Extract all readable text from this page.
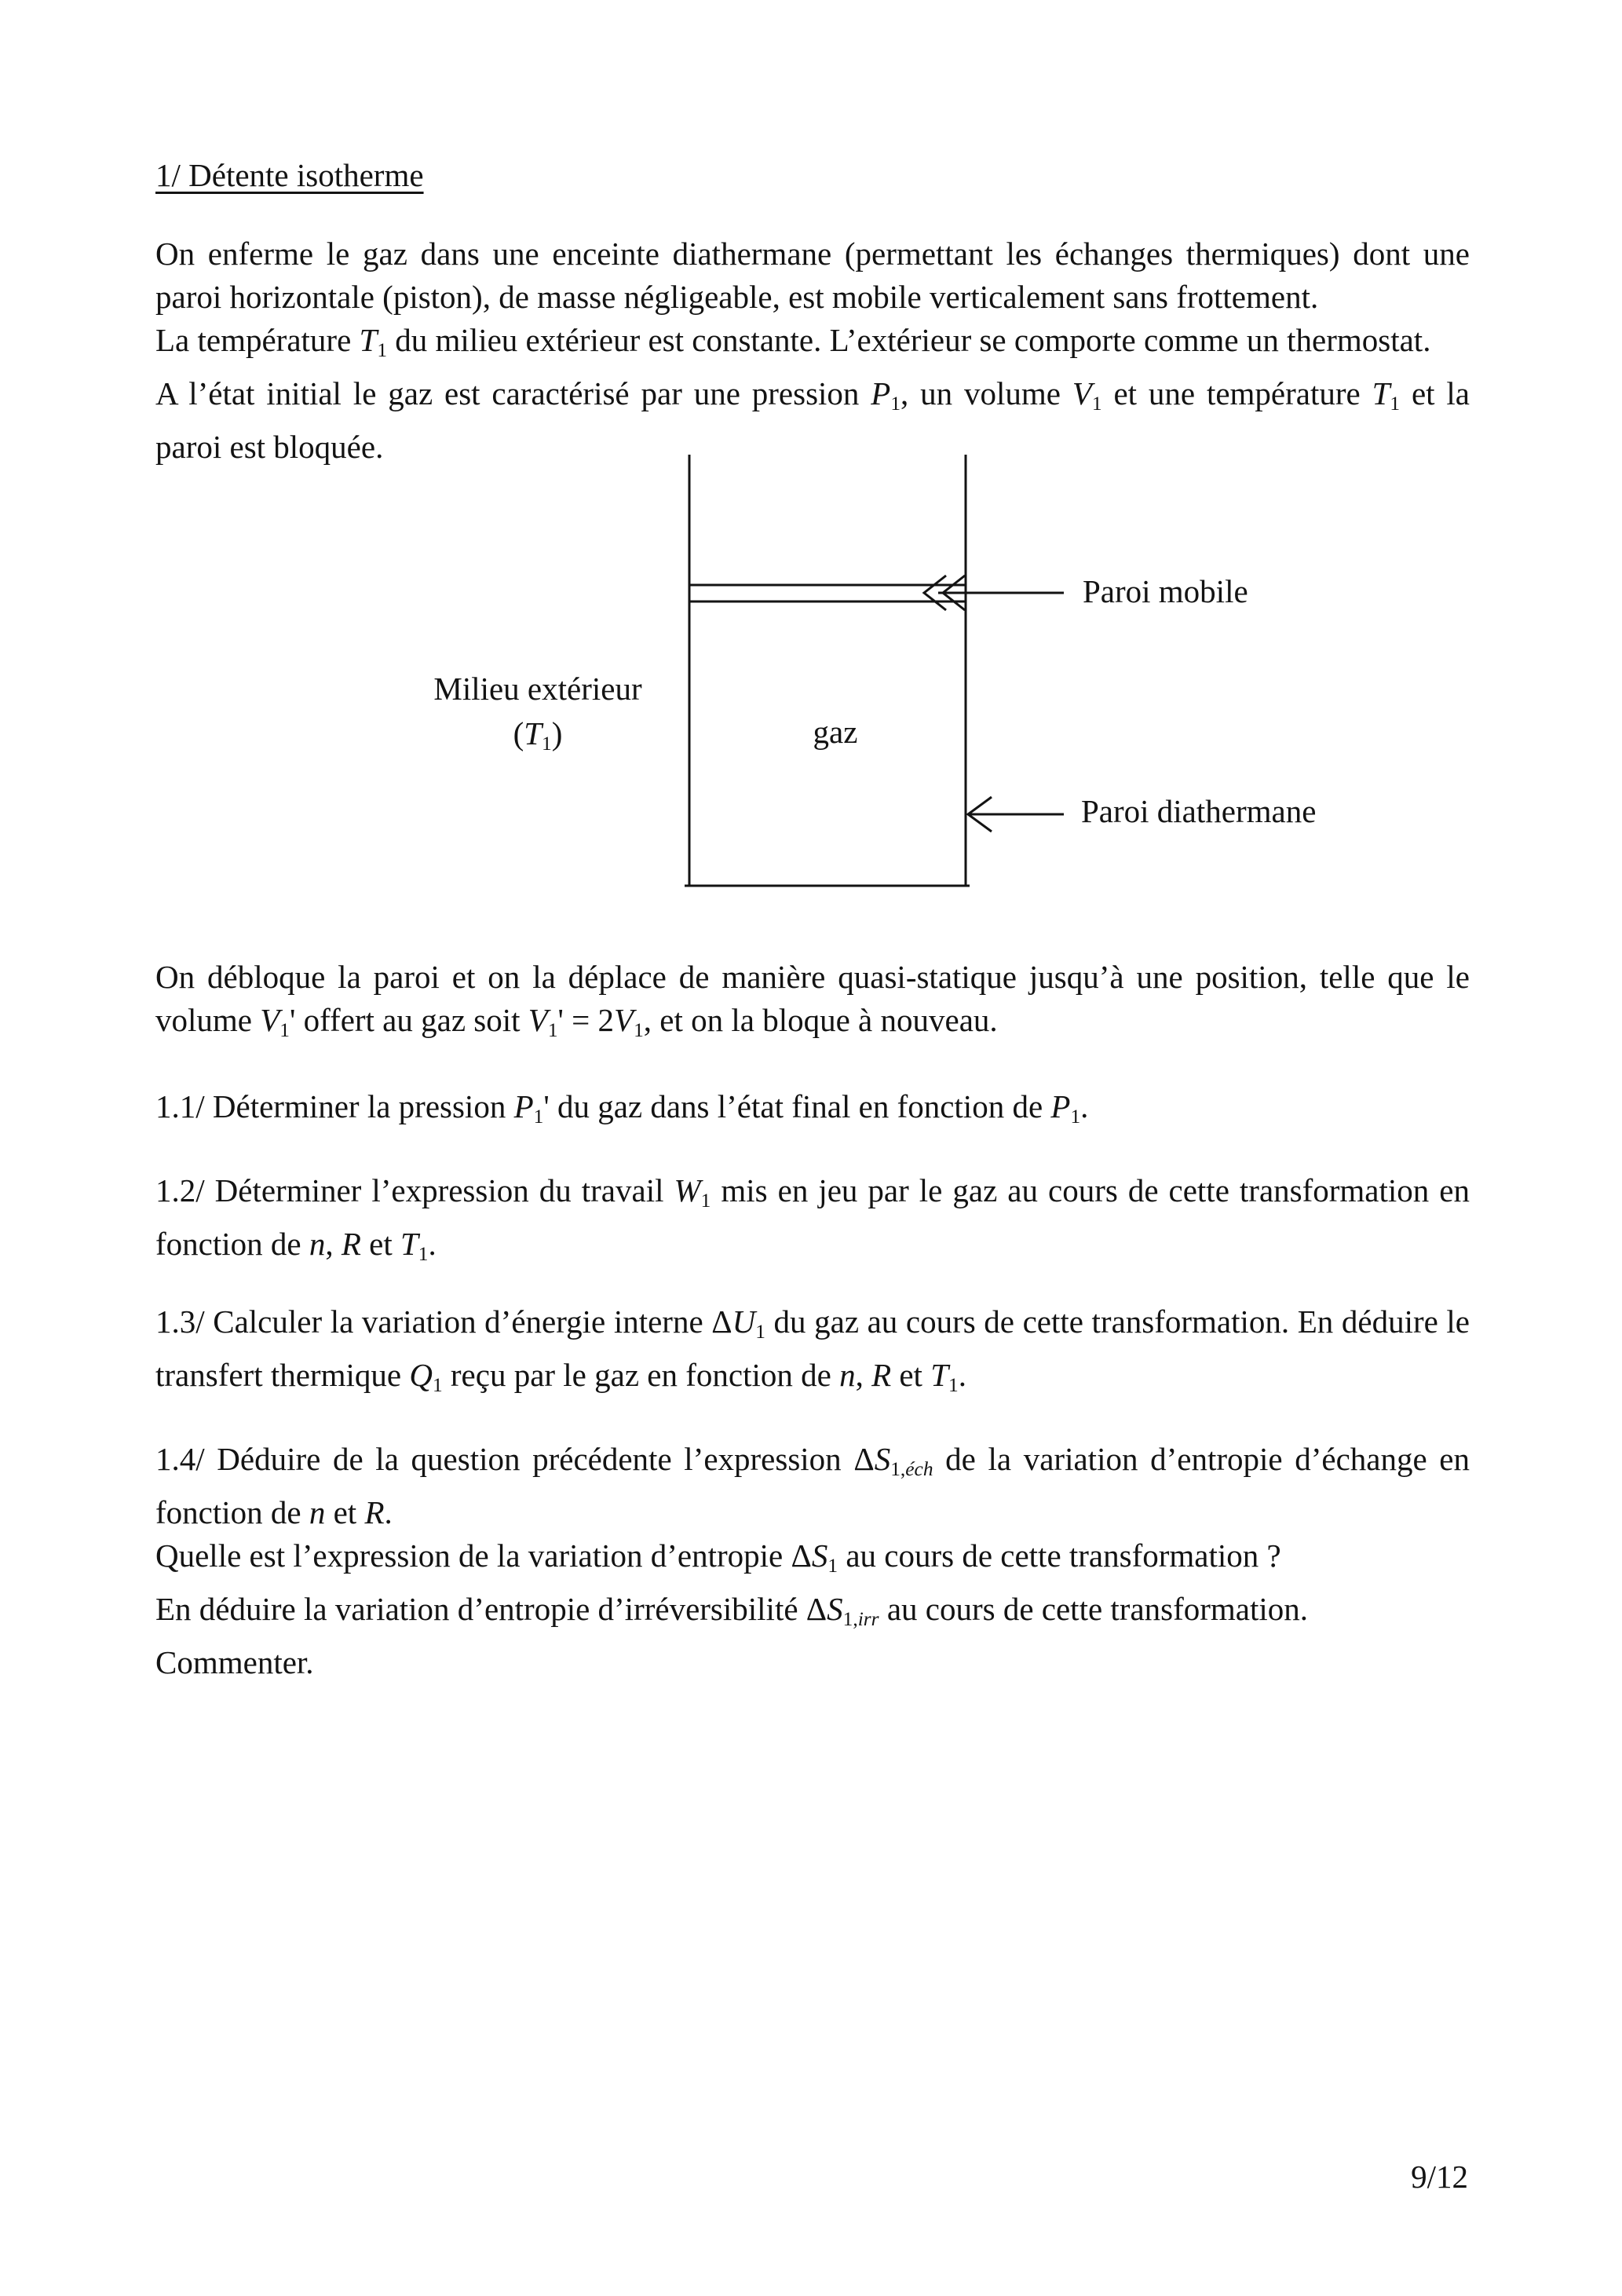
1/ Détente isotherme

On enferme le gaz dans une enceinte diathermane (permettant les échanges thermiques) dont une paroi horizontale (piston), de masse négligeable, est mobile verticalement sans frottement.

La température T1 du milieu extérieur est constante. L’extérieur se comporte comme un thermostat.

A l’état initial le gaz est caractérisé par une pression P1, un volume V1 et une température T1 et la paroi est bloquée.

Milieu extérieur
(T1)	gaz
Paroi mobile
Paroi diathermane
On débloque la paroi et on la déplace de manière quasi-statique jusqu’à une position, telle que le volume V1' offert au gaz soit V1' = 2V1, et on la bloque à nouveau.
1.1/ Déterminer la pression P1' du gaz dans l’état final en fonction de P1.
1.2/ Déterminer l’expression du travail W1 mis en jeu par le gaz au cours de cette transformation en fonction de n, R et T1.
1.3/ Calculer la variation d’énergie interne ΔU1 du gaz au cours de cette transformation. En déduire le transfert thermique Q1 reçu par le gaz en fonction de n, R et T1.

1.4/ Déduire de la question précédente l’expression ΔS1,éch de la variation d’entropie d’échange en fonction de n et R.

Quelle est l’expression de la variation d’entropie ΔS1 au cours de cette transformation ?

En déduire la variation d’entropie d’irréversibilité ΔS1,irr au cours de cette transformation.

Commenter.

9/12
